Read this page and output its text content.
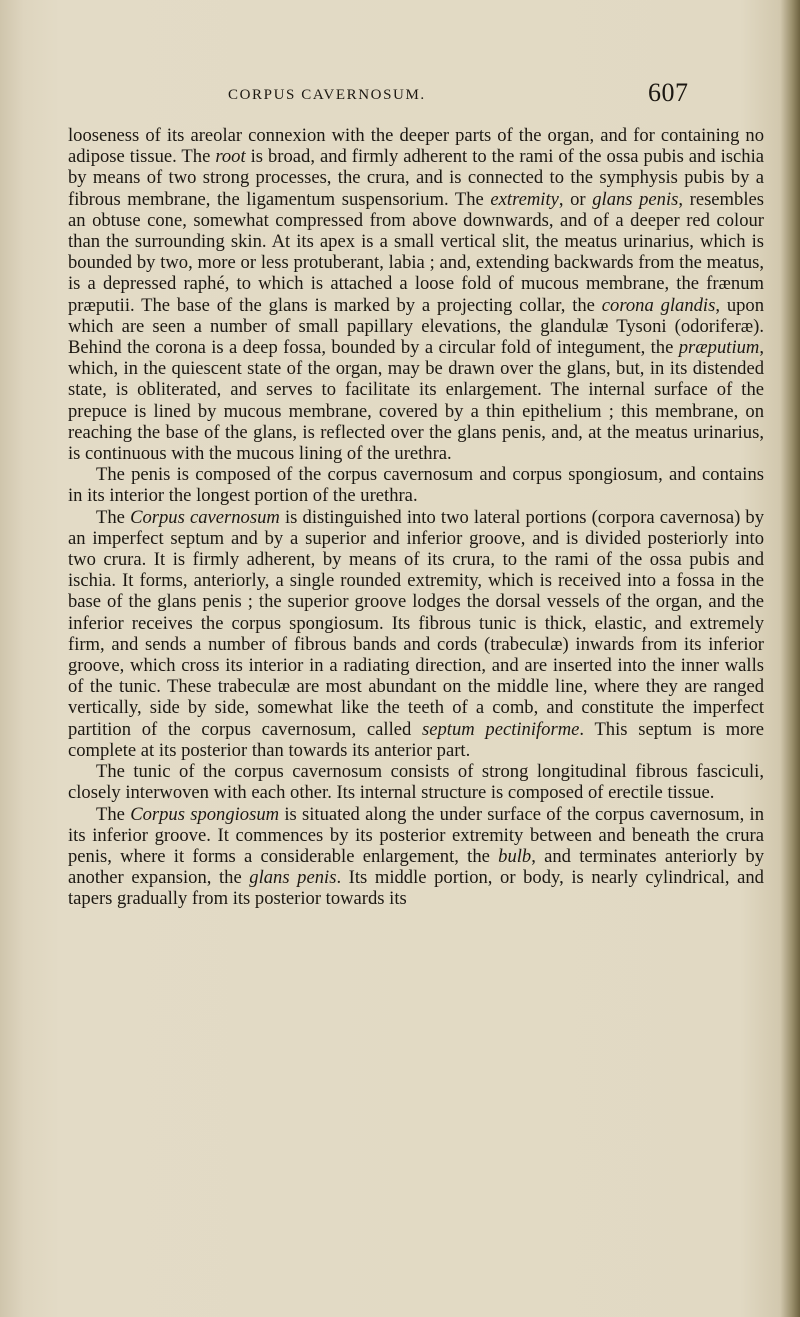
CORPUS CAVERNOSUM.	607

looseness of its areolar connexion with the deeper parts of the organ, and for containing no adipose tissue. The root is broad, and firmly adherent to the rami of the ossa pubis and ischia by means of two strong processes, the crura, and is connected to the symphysis pubis by a fibrous membrane, the ligamentum suspensorium. The extremity, or glans penis, resembles an obtuse cone, somewhat compressed from above downwards, and of a deeper red colour than the surrounding skin. At its apex is a small vertical slit, the meatus urinarius, which is bounded by two, more or less protuberant, labia ; and, extending backwards from the meatus, is a depressed raphé, to which is attached a loose fold of mucous membrane, the frænum præputii. The base of the glans is marked by a projecting collar, the corona glandis, upon which are seen a number of small papillary elevations, the glandulæ Tysoni (odoriferæ). Behind the corona is a deep fossa, bounded by a circular fold of integument, the præputium, which, in the quiescent state of the organ, may be drawn over the glans, but, in its distended state, is obliterated, and serves to facilitate its enlargement. The internal surface of the prepuce is lined by mucous membrane, covered by a thin epithelium ; this membrane, on reaching the base of the glans, is reflected over the glans penis, and, at the meatus urinarius, is continuous with the mucous lining of the urethra.

The penis is composed of the corpus cavernosum and corpus spongiosum, and contains in its interior the longest portion of the urethra.

The Corpus cavernosum is distinguished into two lateral portions (corpora cavernosa) by an imperfect septum and by a superior and inferior groove, and is divided posteriorly into two crura. It is firmly adherent, by means of its crura, to the rami of the ossa pubis and ischia. It forms, anteriorly, a single rounded extremity, which is received into a fossa in the base of the glans penis ; the superior groove lodges the dorsal vessels of the organ, and the inferior receives the corpus spongiosum. Its fibrous tunic is thick, elastic, and extremely firm, and sends a number of fibrous bands and cords (trabeculæ) inwards from its inferior groove, which cross its interior in a radiating direction, and are inserted into the inner walls of the tunic. These trabeculæ are most abundant on the middle line, where they are ranged vertically, side by side, somewhat like the teeth of a comb, and constitute the imperfect partition of the corpus cavernosum, called septum pectiniforme. This septum is more complete at its posterior than towards its anterior part.

The tunic of the corpus cavernosum consists of strong longitudinal fibrous fasciculi, closely interwoven with each other. Its internal structure is composed of erectile tissue.

The Corpus spongiosum is situated along the under surface of the corpus cavernosum, in its inferior groove. It commences by its posterior extremity between and beneath the crura penis, where it forms a considerable enlargement, the bulb, and terminates anteriorly by another expansion, the glans penis. Its middle portion, or body, is nearly cylindrical, and tapers gradually from its posterior towards its
